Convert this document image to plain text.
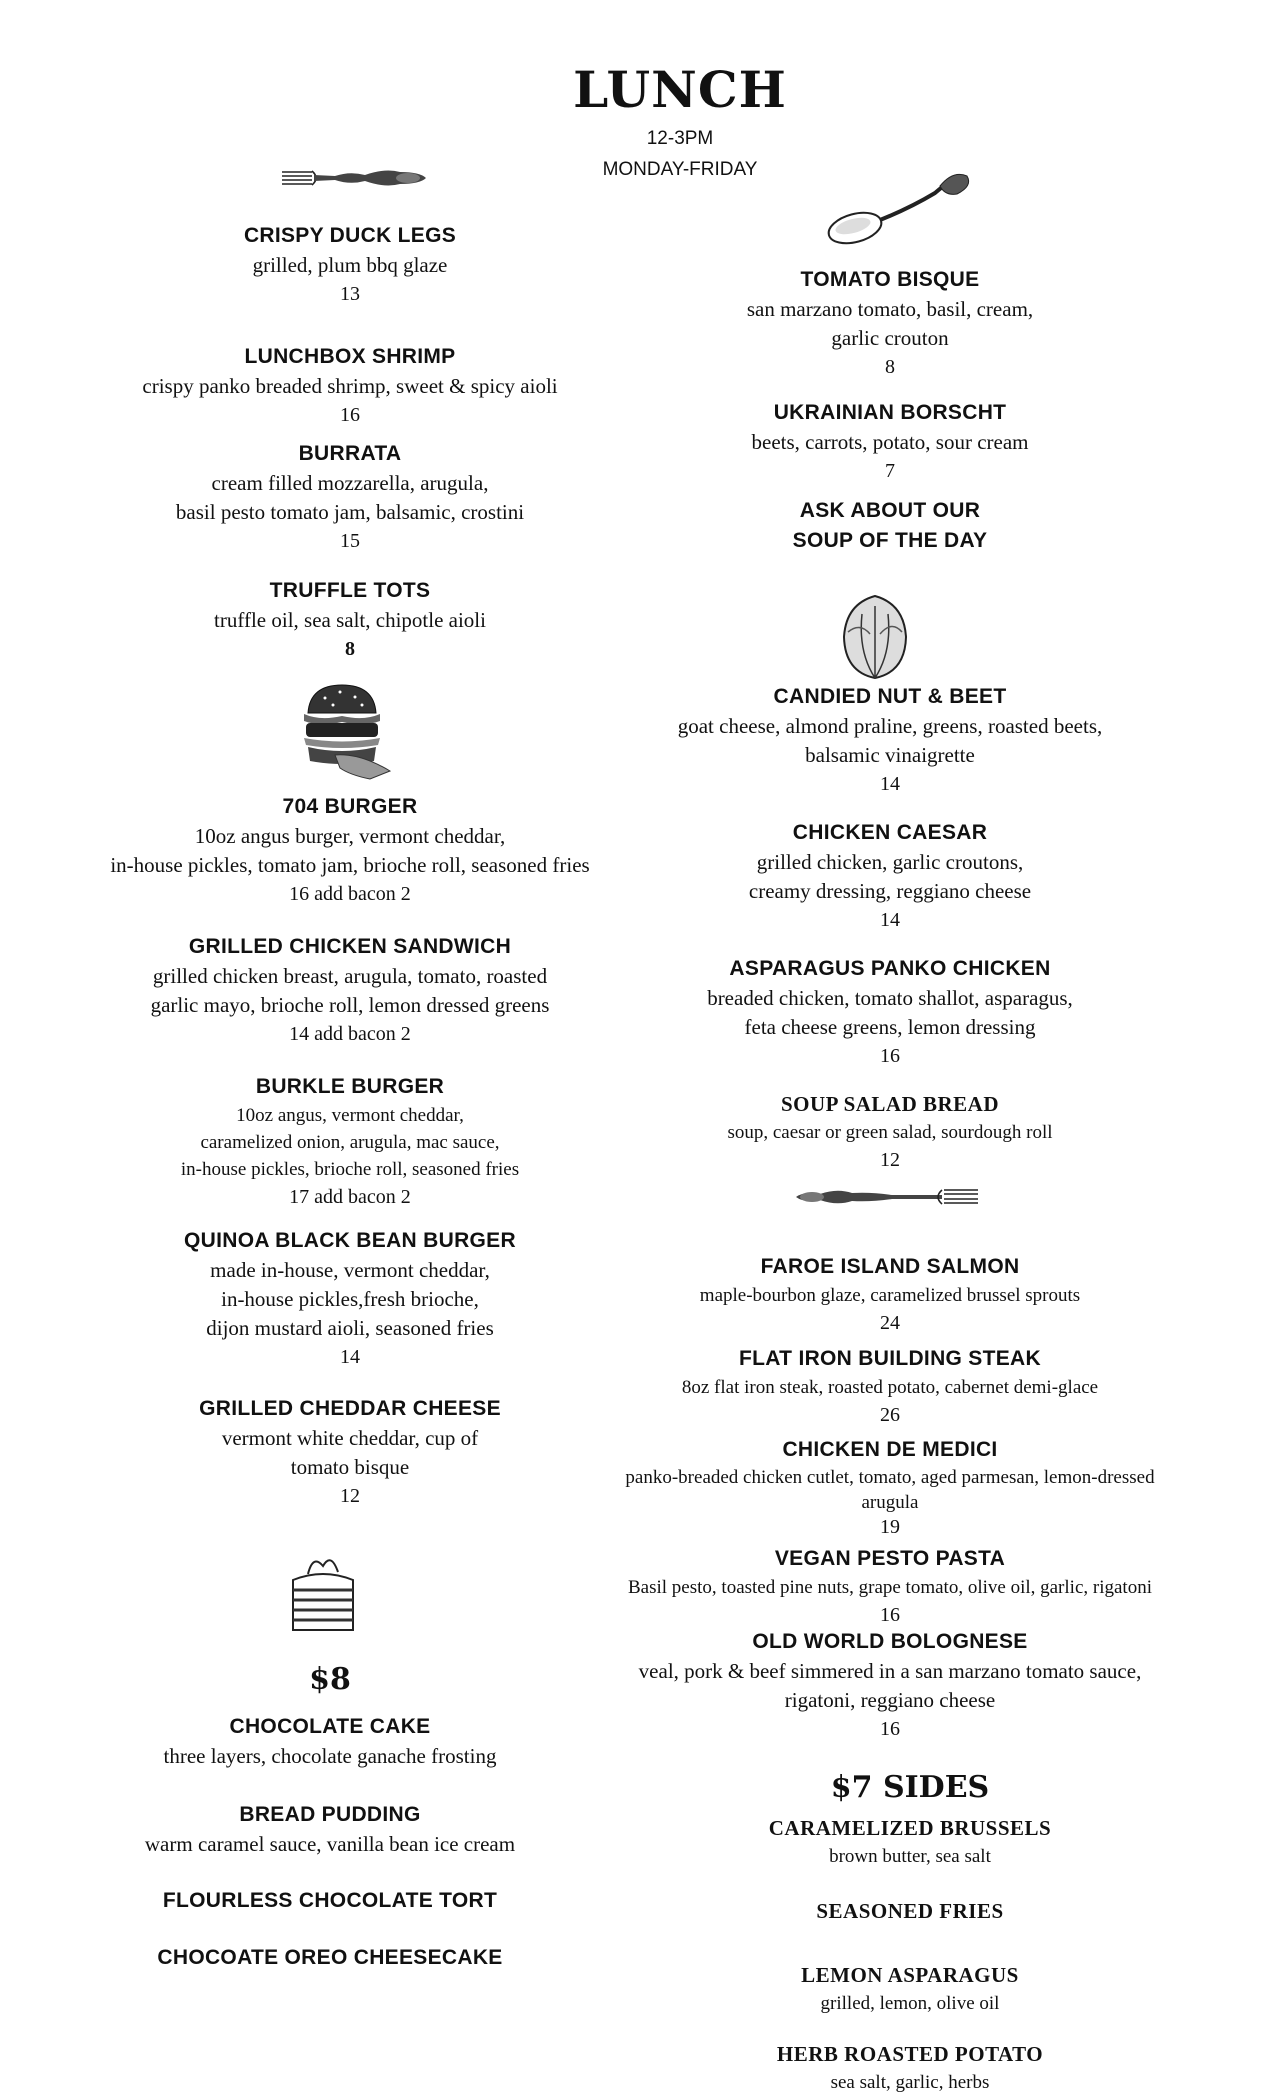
LUNCH
12-3PM
MONDAY-FRIDAY
CRISPY DUCK LEGS
grilled, plum bbq glaze
13
LUNCHBOX SHRIMP
crispy panko breaded shrimp, sweet & spicy aioli
16
BURRATA
cream filled mozzarella, arugula,
basil pesto tomato jam, balsamic, crostini
15
TRUFFLE TOTS
truffle oil, sea salt, chipotle aioli
8
704 BURGER
10oz angus burger, vermont cheddar,
in-house pickles, tomato jam, brioche roll, seasoned fries
16 add bacon 2
GRILLED CHICKEN SANDWICH
grilled chicken breast, arugula, tomato, roasted
garlic mayo, brioche roll, lemon dressed greens
14 add bacon 2
BURKLE BURGER
10oz angus, vermont cheddar,
caramelized onion, arugula, mac sauce,
in-house pickles, brioche roll, seasoned fries
17 add bacon 2
QUINOA BLACK BEAN BURGER
made in-house, vermont cheddar,
in-house pickles,fresh brioche,
dijon mustard aioli, seasoned fries
14
GRILLED CHEDDAR CHEESE
vermont white cheddar, cup of
tomato bisque
12
$8
CHOCOLATE CAKE
three layers, chocolate ganache frosting
BREAD PUDDING
warm caramel sauce, vanilla bean ice cream
FLOURLESS CHOCOLATE TORT
CHOCOATE OREO CHEESECAKE
TOMATO BISQUE
san marzano tomato, basil, cream,
garlic crouton
8
UKRAINIAN BORSCHT
beets, carrots, potato, sour cream
7
ASK ABOUT OUR
SOUP OF THE DAY
CANDIED NUT & BEET
goat cheese, almond praline, greens, roasted beets,
balsamic vinaigrette
14
CHICKEN CAESAR
grilled chicken, garlic croutons,
creamy dressing, reggiano cheese
14
ASPARAGUS PANKO CHICKEN
breaded chicken, tomato shallot, asparagus,
feta cheese greens, lemon dressing
16
SOUP SALAD BREAD
soup, caesar or green salad, sourdough roll
12
FAROE ISLAND SALMON
maple-bourbon glaze, caramelized brussel sprouts
24
FLAT IRON BUILDING STEAK
8oz flat iron steak, roasted potato, cabernet demi-glace
26
CHICKEN DE MEDICI
panko-breaded chicken cutlet, tomato, aged parmesan, lemon-dressed
arugula
19
VEGAN PESTO PASTA
Basil pesto, toasted pine nuts, grape tomato, olive oil, garlic, rigatoni
16
OLD WORLD BOLOGNESE
veal, pork & beef simmered in a san marzano tomato sauce,
rigatoni, reggiano cheese
16
$7 SIDES
CARAMELIZED BRUSSELS
brown butter, sea salt
SEASONED FRIES
LEMON ASPARAGUS
grilled, lemon, olive oil
HERB ROASTED POTATO
sea salt, garlic, herbs
